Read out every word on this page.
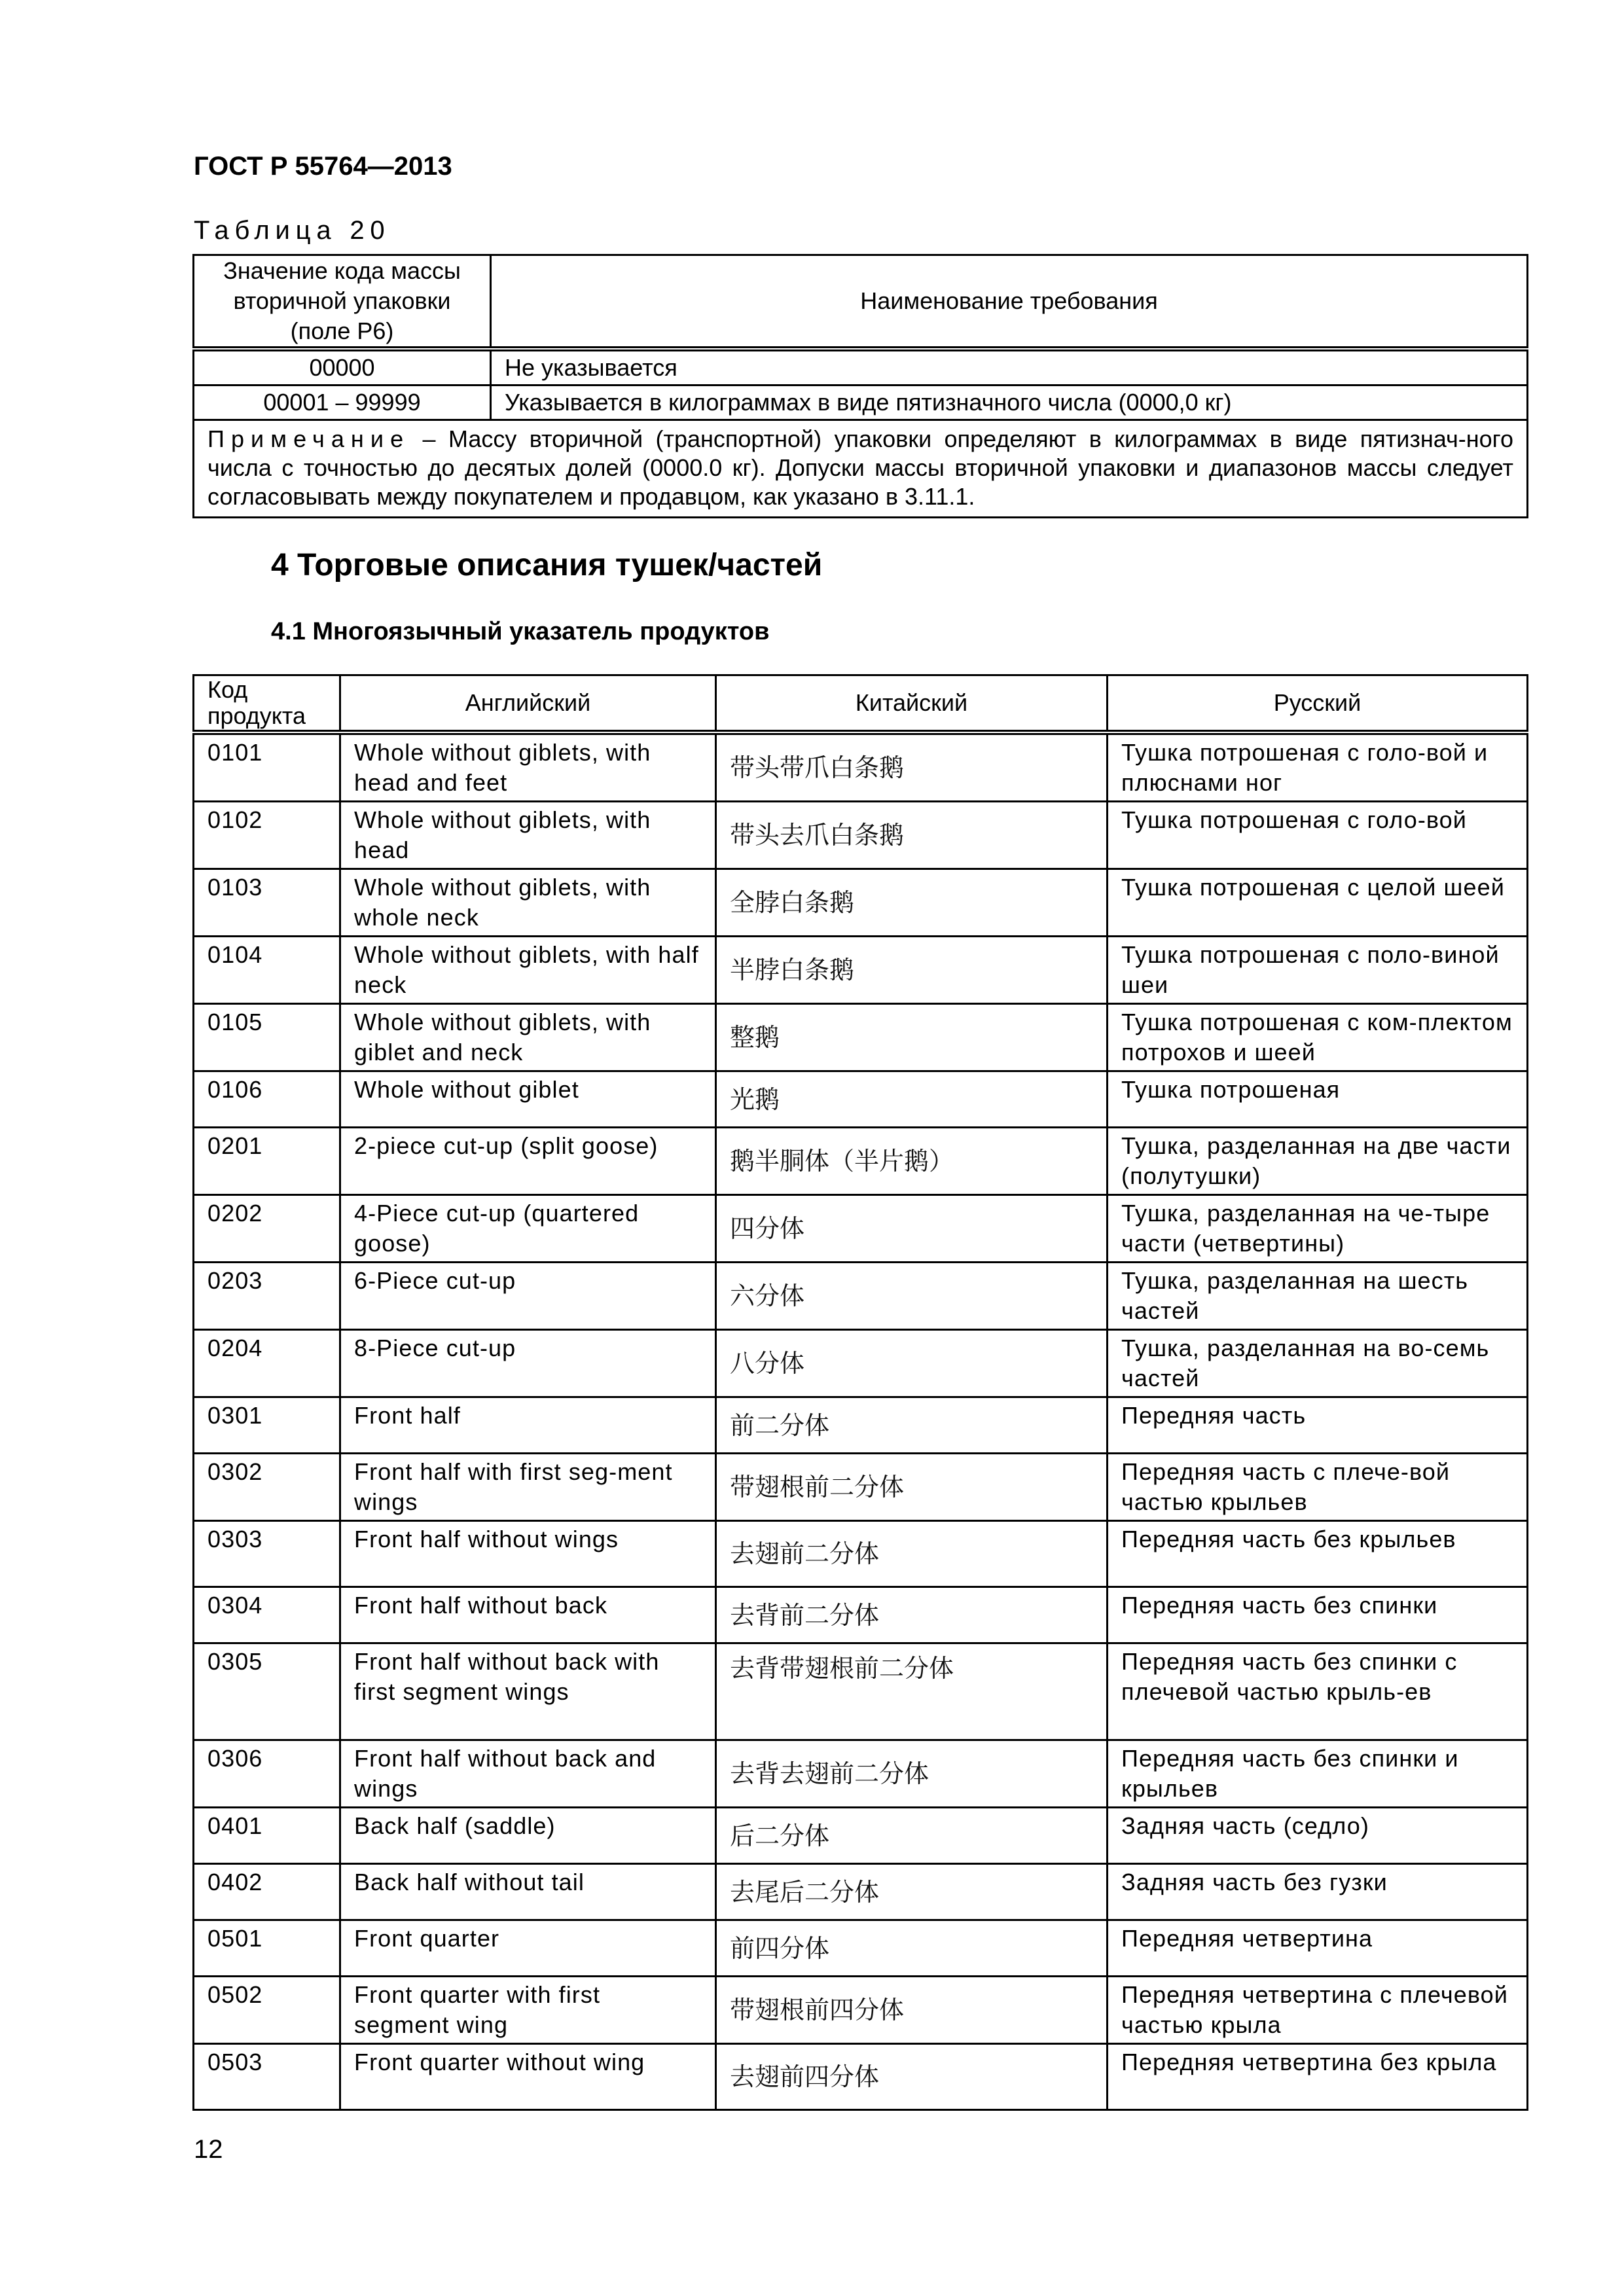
ГОСТ Р 55764—2013
Таблица 20
Значение кода массы вторичной упаковки (поле P6)	Наименование требования
00000	Не указывается
00001 – 99999	Указывается в килограммах в виде пятизначного числа (0000,0 кг)
Примечание – Массу вторичной (транспортной) упаковки определяют в килограммах в виде пятизнач-ного числа с точностью до десятых долей (0000.0 кг). Допуски массы вторичной упаковки и диапазонов массы следует согласовывать между покупателем и продавцом, как указано в 3.11.1.	
4 Торговые описания тушек/частей
4.1 Многоязычный указатель продуктов
Код продукта	Английский	Китайский	Русский
0101	Whole without giblets, with head and feet	带头带爪白条鹅	Тушка потрошеная с голо-вой и плюснами ног
0102	Whole without giblets, with head	带头去爪白条鹅	Тушка потрошеная с голо-вой
0103	Whole without giblets, with whole neck	全脖白条鹅	Тушка потрошеная с целой шеей
0104	Whole without giblets, with half neck	半脖白条鹅	Тушка потрошеная с поло-виной шеи
0105	Whole without giblets, with giblet and neck	整鹅	Тушка потрошеная с ком-плектом потрохов и шеей
0106	Whole without giblet	光鹅	Тушка потрошеная
0201	2-piece cut-up (split goose)	鹅半胴体（半片鹅）	Тушка, разделанная на две части (полутушки)
0202	4-Piece cut-up (quartered goose)	四分体	Тушка, разделанная на че-тыре части (четвертины)
0203	6-Piece cut-up	六分体	Тушка, разделанная на шесть частей
0204	8-Piece cut-up	八分体	Тушка, разделанная на во-семь частей
0301	Front half	前二分体	Передняя часть
0302	Front half with first seg-ment wings	带翅根前二分体	Передняя часть с плече-вой частью крыльев
0303	Front half without wings	去翅前二分体	Передняя часть без крыльев
0304	Front half without back	去背前二分体	Передняя часть без спинки
0305	Front half without back with first segment wings	去背带翅根前二分体	Передняя часть без спинки с плечевой частью крыль-ев
0306	Front half without back and wings	去背去翅前二分体	Передняя часть без спинки и крыльев
0401	Back half (saddle)	后二分体	Задняя часть (седло)
0402	Back half without tail	去尾后二分体	Задняя часть без гузки
0501	Front quarter	前四分体	Передняя четвертина
0502	Front quarter with first segment wing	带翅根前四分体	Передняя четвертина с плечевой частью крыла
0503	Front quarter without wing	去翅前四分体	Передняя четвертина без крыла
12
